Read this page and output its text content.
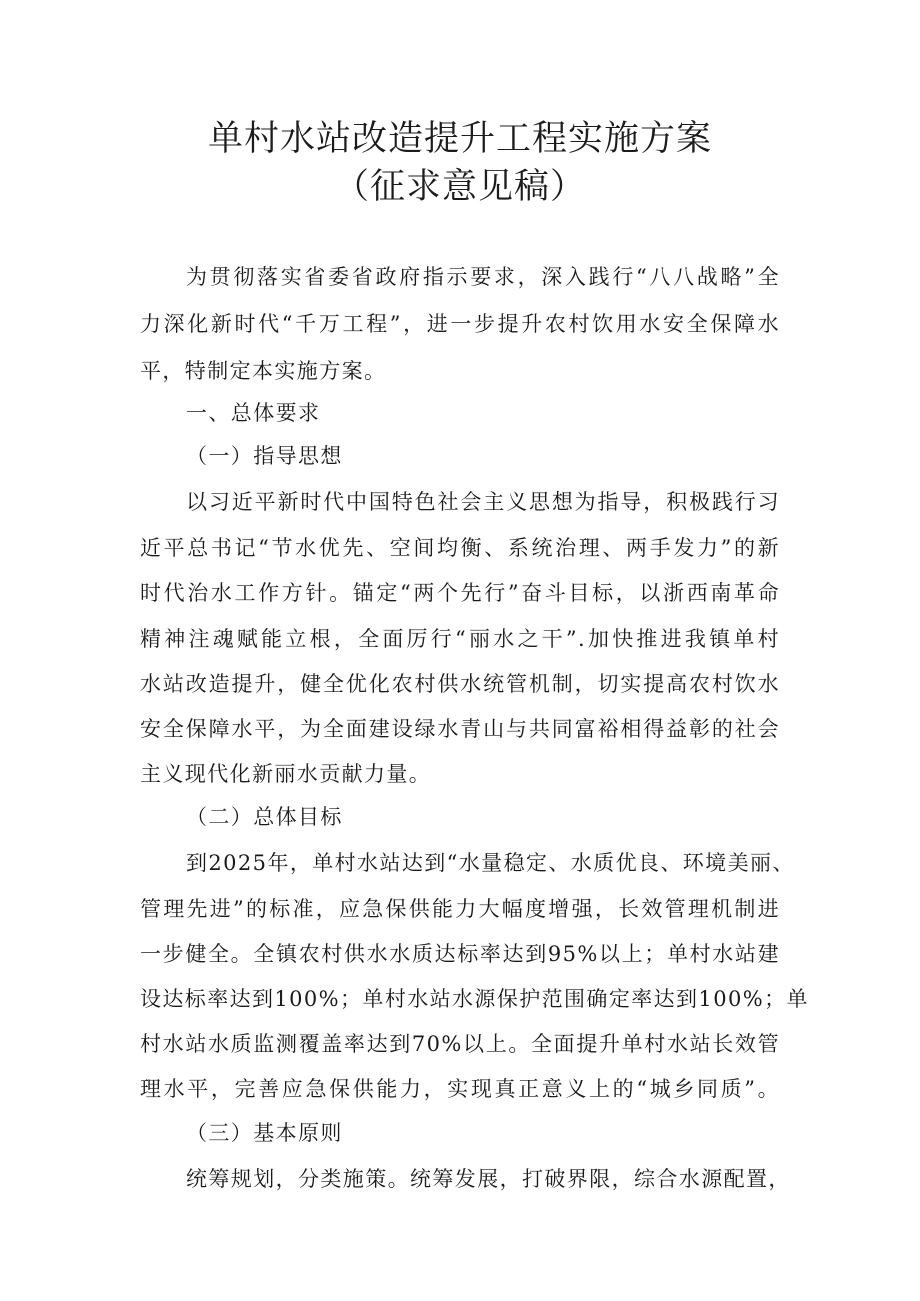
单村水站改造提升工程实施方案
（征求意见稿）
为贯彻落实省委省政府指示要求，深入践行“八八战略”全
力深化新时代“千万工程”，进一步提升农村饮用水安全保障水
平，特制定本实施方案。
一、总体要求
（一）指导思想
以习近平新时代中国特色社会主义思想为指导，积极践行习
近平总书记“节水优先、空间均衡、系统治理、两手发力”的新
时代治水工作方针。锚定“两个先行”奋斗目标，以浙西南革命
精神注魂赋能立根，全面厉行“丽水之干”.加快推进我镇单村
水站改造提升，健全优化农村供水统管机制，切实提高农村饮水
安全保障水平，为全面建设绿水青山与共同富裕相得益彰的社会
主义现代化新丽水贡献力量。
（二）总体目标
到2025年，单村水站达到“水量稳定、水质优良、环境美丽、
管理先进”的标准，应急保供能力大幅度增强，长效管理机制进
一步健全。全镇农村供水水质达标率达到95%以上；单村水站建
设达标率达到100%；单村水站水源保护范围确定率达到100%；单
村水站水质监测覆盖率达到70%以上。全面提升单村水站长效管
理水平，完善应急保供能力，实现真正意义上的“城乡同质”。
（三）基本原则
统筹规划，分类施策。统筹发展，打破界限，综合水源配置，
